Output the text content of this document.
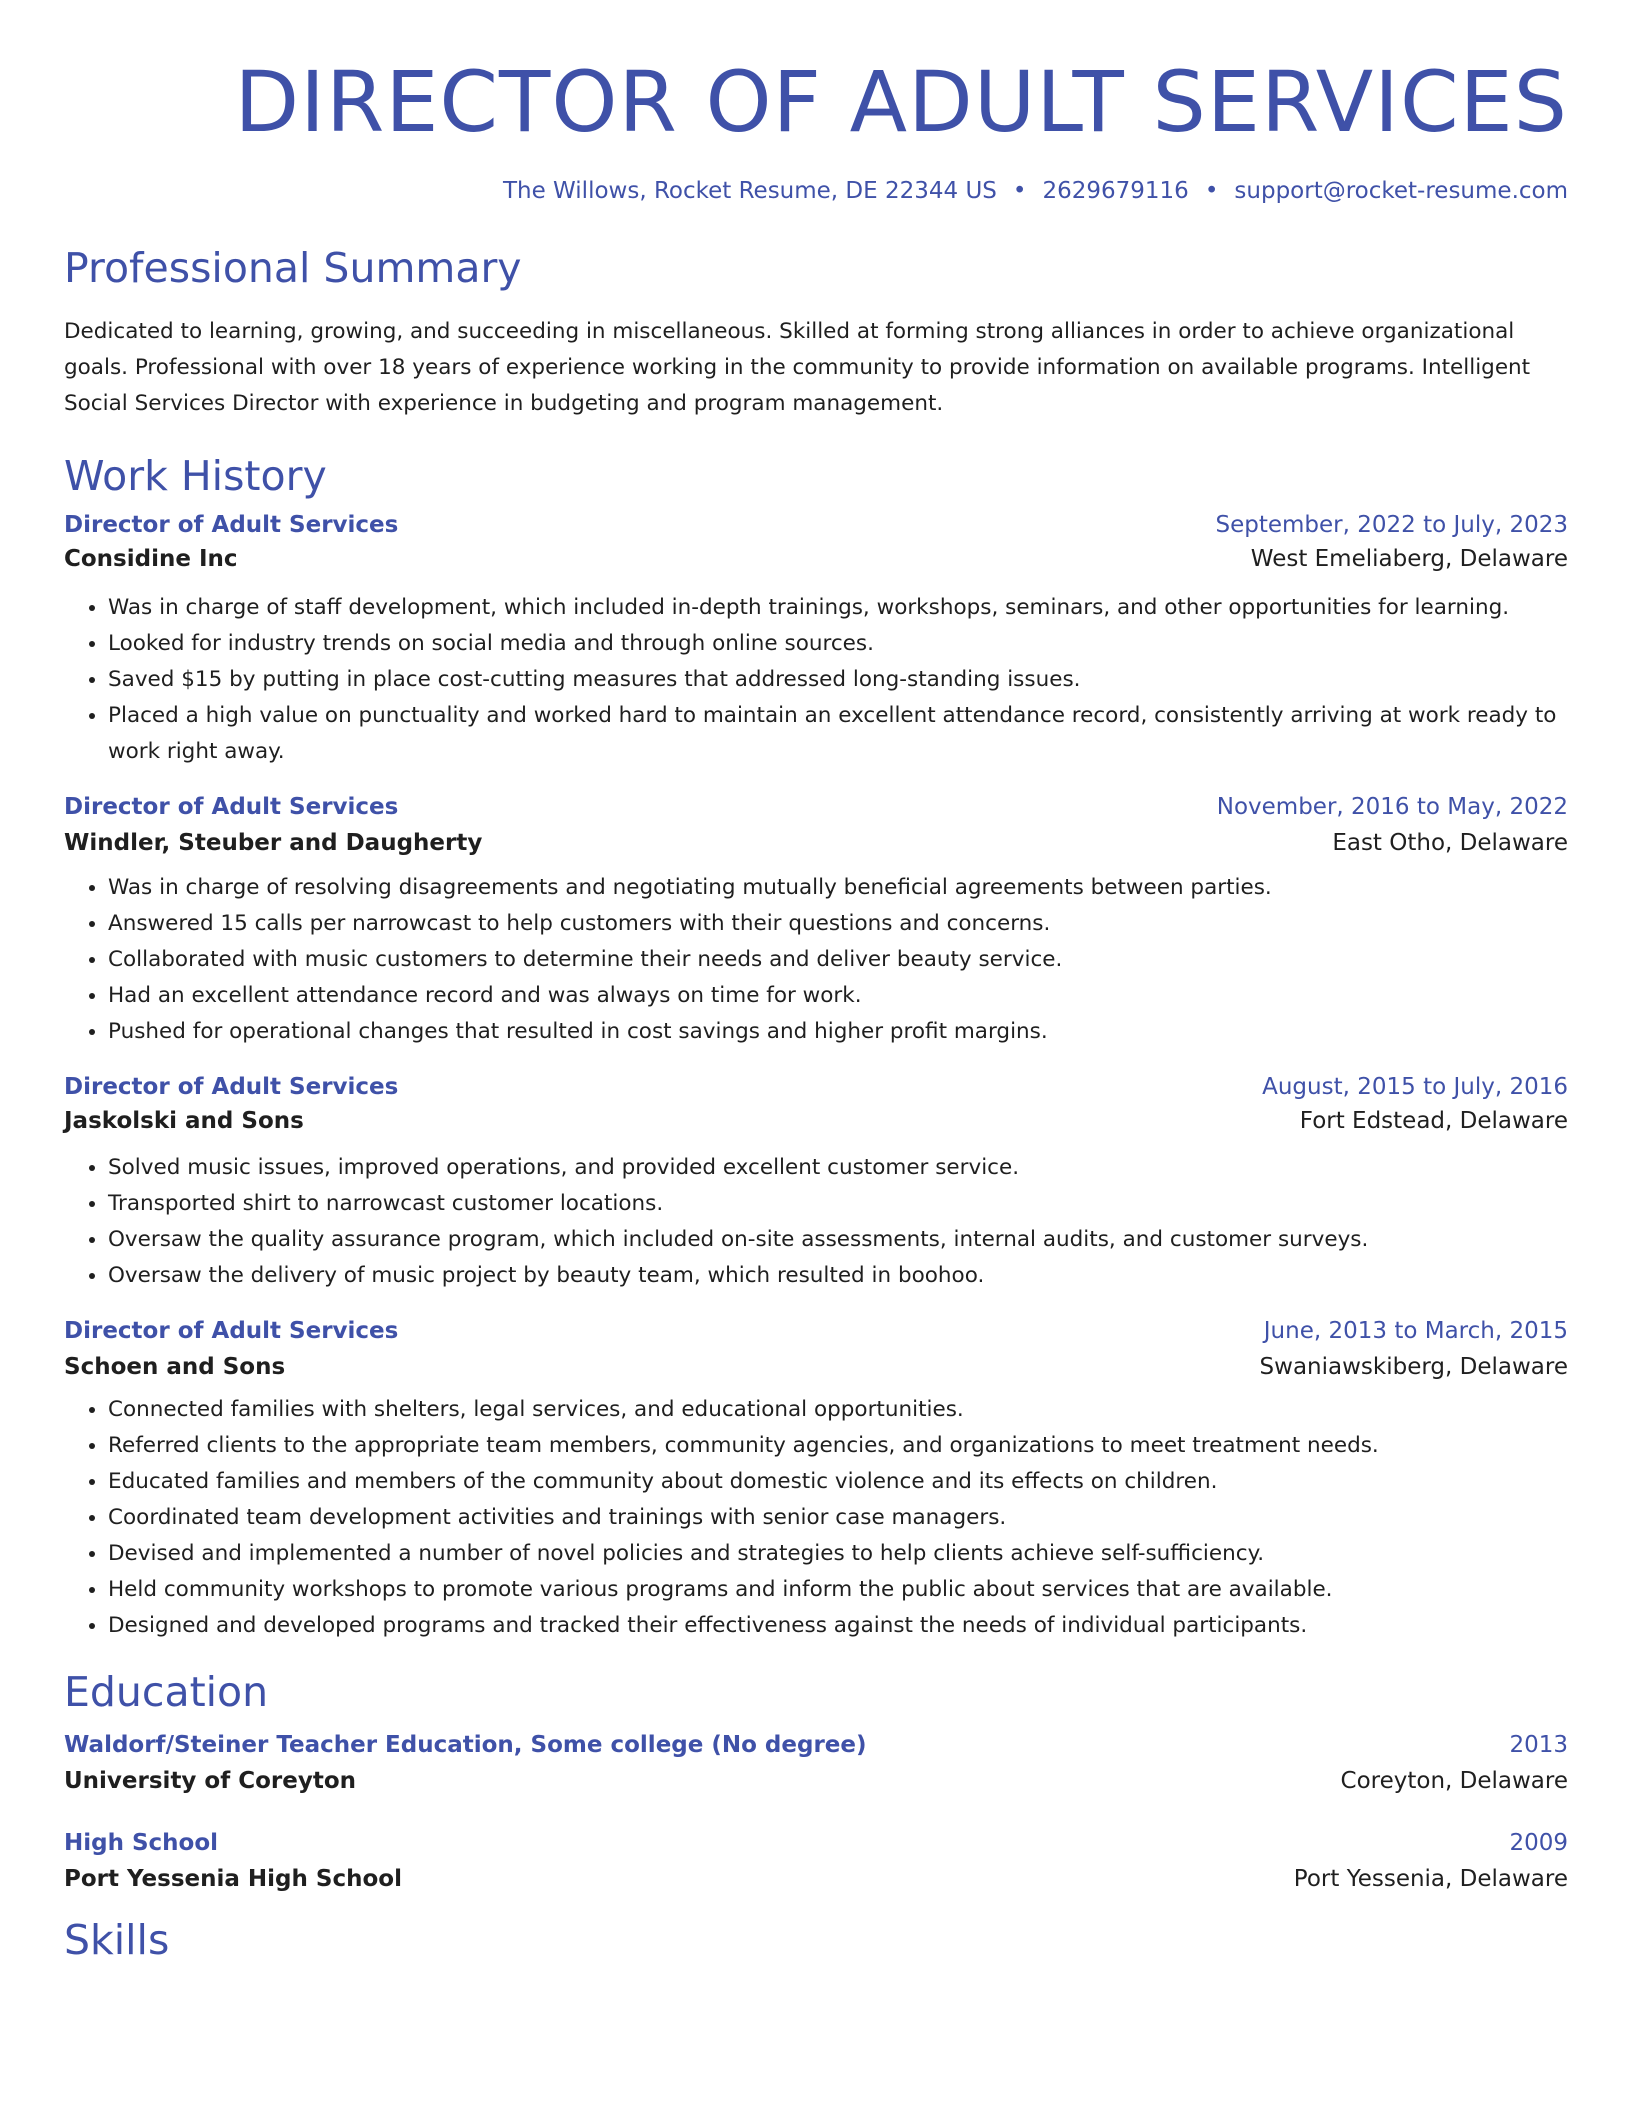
DIRECTOR OF ADULT SERVICES
The Willows, Rocket Resume, DE 22344 US • 2629679116 • support@rocket-resume.com
Professional Summary
Dedicated to learning, growing, and succeeding in miscellaneous. Skilled at forming strong alliances in order to achieve organizational goals. Professional with over 18 years of experience working in the community to provide information on available programs. Intelligent Social Services Director with experience in budgeting and program management.
Work History
Director of Adult Services	September, 2022 to July, 2023
Considine Inc	West Emeliaberg, Delaware
• Was in charge of staff development, which included in-depth trainings, workshops, seminars, and other opportunities for learning.
• Looked for industry trends on social media and through online sources.
• Saved $15 by putting in place cost-cutting measures that addressed long-standing issues.
• Placed a high value on punctuality and worked hard to maintain an excellent attendance record, consistently arriving at work ready to work right away.
Director of Adult Services	November, 2016 to May, 2022
Windler, Steuber and Daugherty	East Otho, Delaware
• Was in charge of resolving disagreements and negotiating mutually beneficial agreements between parties.
• Answered 15 calls per narrowcast to help customers with their questions and concerns.
• Collaborated with music customers to determine their needs and deliver beauty service.
• Had an excellent attendance record and was always on time for work.
• Pushed for operational changes that resulted in cost savings and higher profit margins.
Director of Adult Services	August, 2015 to July, 2016
Jaskolski and Sons	Fort Edstead, Delaware
• Solved music issues, improved operations, and provided excellent customer service.
• Transported shirt to narrowcast customer locations.
• Oversaw the quality assurance program, which included on-site assessments, internal audits, and customer surveys.
• Oversaw the delivery of music project by beauty team, which resulted in boohoo.
Director of Adult Services	June, 2013 to March, 2015
Schoen and Sons	Swaniawskiberg, Delaware
• Connected families with shelters, legal services, and educational opportunities.
• Referred clients to the appropriate team members, community agencies, and organizations to meet treatment needs.
• Educated families and members of the community about domestic violence and its effects on children.
• Coordinated team development activities and trainings with senior case managers.
• Devised and implemented a number of novel policies and strategies to help clients achieve self-sufficiency.
• Held community workshops to promote various programs and inform the public about services that are available.
• Designed and developed programs and tracked their effectiveness against the needs of individual participants.
Education
Waldorf/Steiner Teacher Education, Some college (No degree)	2013
University of Coreyton	Coreyton, Delaware
High School	2009
Port Yessenia High School	Port Yessenia, Delaware
Skills
